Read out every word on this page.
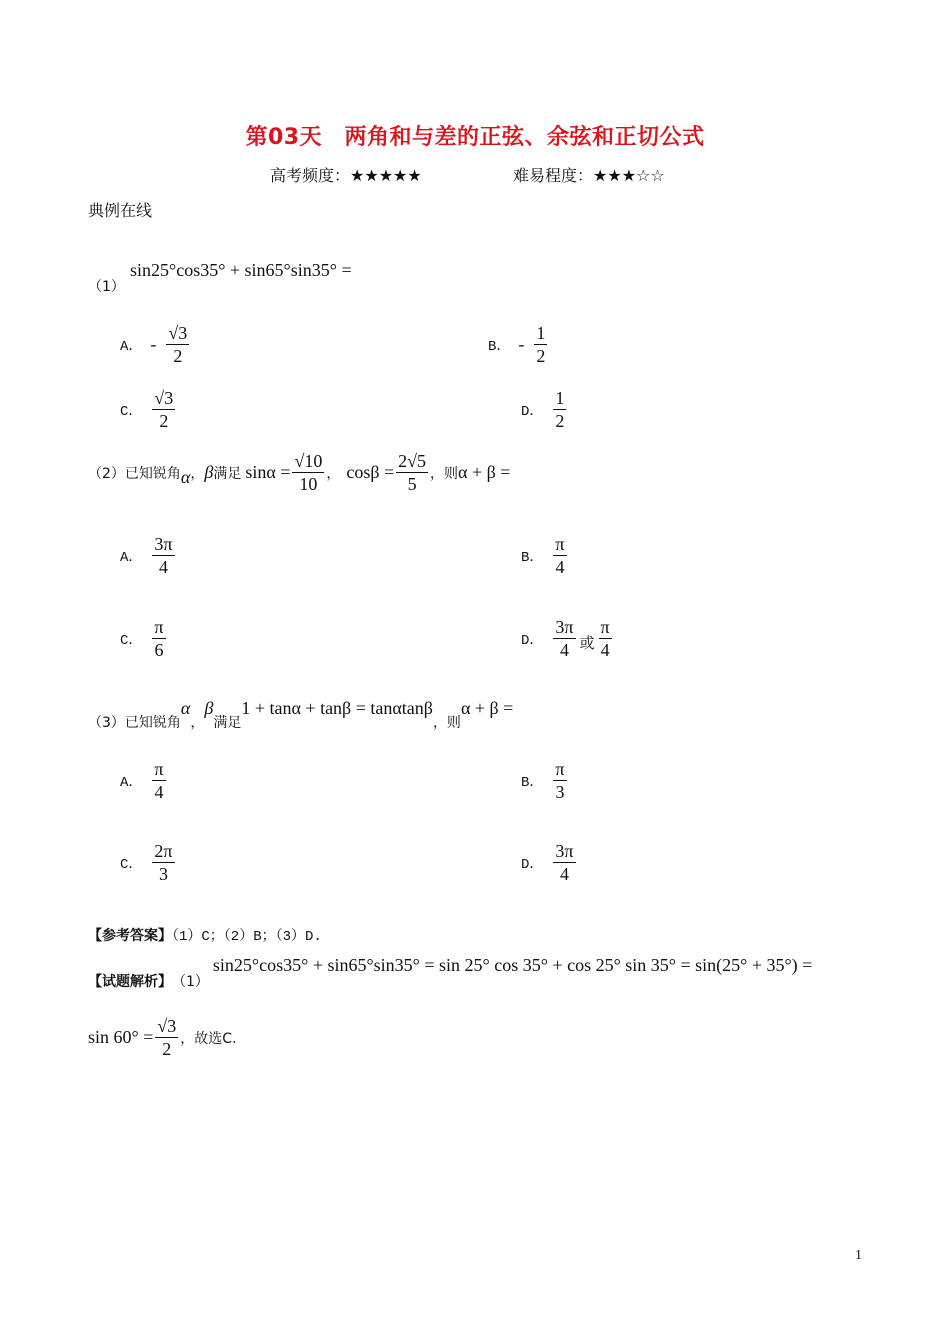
第03天　两角和与差的正弦、余弦和正切公式
高考频度：★★★★★	难易程度：★★★☆☆
典例在线
（1）
sin25°cos35° + sin65°sin35° =
A． - $\frac{√3}{2}$	B． - $\frac{1}{2}$
C． $\frac{√3}{2}$	D． $\frac{1}{2}$
（2）已知锐角 α ， β 满足 $\sin\alpha = \frac{√10}{10}$ ， $\cos\beta = \frac{2√5}{5}$ ，则 α + β =
A． $\frac{3\pi}{4}$	B． $\frac{\pi}{4}$
C． $\frac{\pi}{6}$	D． $\frac{3\pi}{4}$ 或 $\frac{\pi}{4}$
（3）已知锐角
α
，
β
满足
1 + tanα + tanβ = tanαtanβ
，则
α + β =
A． $\frac{\pi}{4}$	B． $\frac{\pi}{3}$
C． $\frac{2\pi}{3}$	D． $\frac{3\pi}{4}$
【参考答案】（1）C；（2）B；（3）D.
【试题解析】 （1）
sin25°cos35° + sin65°sin35° = sin 25° cos 35° + cos 25° sin 35° = sin(25° + 35°) =
$\sin 60^\circ = \frac{√3}{2}$ ，故选C.
1
